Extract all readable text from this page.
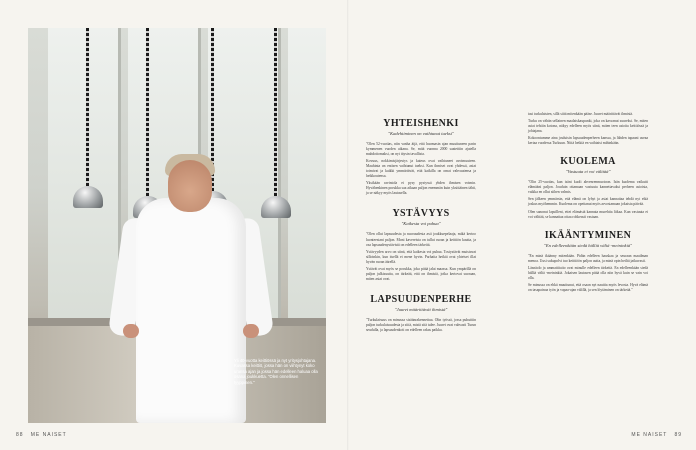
Yli 40-vuotta keittiössä ja nyt yritysjohtajana. Kuvassa keittiö, jossa hän on viihtynyt koko uransa ajan ja jossa hän edelleen haluaa olla osana joukkuetta. "Olen onnellisen tyyppinen."
YHTEISHENKI
"Kadehtiminen on vaihtunut tueksi"

"Olen 52-vuotias, niin vanha äijä, että huomasin ajan muuttuneen parin kymmenen vuoden aikana. Se, mitä vuonna 2000 saatettiin ajatella mahdottomaksi, on nyt täysin tavallista.

Kovuus, nokkimisjärjestys ja kateus ovat vaihtuneet avoimuuteen. Mauhinta on entisen vaihtunut tueksi. Kun ihmiset ovat yhdessä, asiat toimivat ja kaikki ymmärtävät, että kaikilla on omat vahvuutensa ja heikkoutensa.

Yksikään ravintola ei pysy pystyssä yhden ihmisen voimin. Hyvähenkinen porukka saa aikaan paljon enemmän kuin yksittäinen tähti, ja se näkyy myös lautasella.

YSTÄVYYS
"Kaikesta voi puhua"

"Olen ollut lapsuudesta ja nuoruudesta asti joukkuepelaaja, mikä kertoo luonteestani paljon. Moni kavereista on tullut ruoan ja keittiön kautta, ja osa lapsuudenystävistä on edelleen tärkeitä.

Ystävyyden arvo on siinä, että kaikesta voi puhua. Tosiystävät muistavat silloinkin, kun itsellä ei mene hyvin. Parhaita hetkiä ovat yhteiset illat hyvän ruoan äärellä.

Ystävät ovat myös se porukka, joka pitää jalat maassa. Kun ympärillä on paljon julkisuutta, on tärkeää, että on ihmisiä, jotka kertovat suoraan, miten asiat ovat.

LAPSUUDENPERHE
"Juuret määrittävät ihmistä"

"Turkulaisuus on minussa sisäänrakennettua. Olin työssä, jossa puhuttiin paljon turkulaisuudesta ja siitä, mistä sitä tulee. Juuret ovat vahvasti Turun seudulla, ja lapsuudenkoti on edelleen rakas paikka.

tasi turkulaisten, sillä siitä mitenkään pääse. Juuret määrittävät ihmistä.

Turku on vähän sellainen maalaiskaupunki, joka on kasvanut suureksi. Se, miten asiat tehtiin kotona, näkyy edelleen myös siinä, miten teen asioita keittiössä ja johtajana.

Kokoontumme aina jouluisin lapsuudenperheen kanssa, ja lähden tapaani useaa kertaa vuodessa Turkuun. Niitä hetkiä en vaihtaisi mihinkään.

KUOLEMA
"Vastuuta ei voi välttää"

"Olin 25-vuotias, kun isäni kuoli ahvenrenmuotoon. Isän kuolema vaikutti elämääni paljon. Jouduin ottamaan vastuuta kannettavaksi perheen asioista, vaikka en ollut siihen valmis.

Sen jälkeen ymmärsin, että elämä on lyhyt ja asiat kannattaa tehdä nyt eikä joskus myöhemmin. Kuolema on opettanut myös arvostamaan jokaista päivää.

Olen sanonut lapsilleni, ettei elämästä kannata murehtia liikaa. Kun vastuuta ei voi välttää, se kannattaa ottaa rohkeasti vastaan.

IKÄÄNTYMINEN
"En edelleenkään siedä hälliä väliä -meininkiä"

"En minä ikäänny mitenkään. Pidän edelleen hauskaa ja seuraan maailman menoa. Uusi sukupolvi tuo keittiöön paljon uutta, ja minä opin heiltä jatkuvasti.

Läsnäolo ja ammattitaito ovat minulle edelleen tärkeitä. En edelleenkään siedä hälliä väliä -meininkiä. Jokaisen lautasen pitää olla niin hyvä kuin se vain voi olla.

Se minussa on ehkä muuttunut, että osaan nyt nauttia myös levosta. Hyvä elämä on tasapainoa työn ja vapaa-ajan välillä, ja sen löytäminen on tärkeää."

88 ME NAISET	ME NAISET 89
